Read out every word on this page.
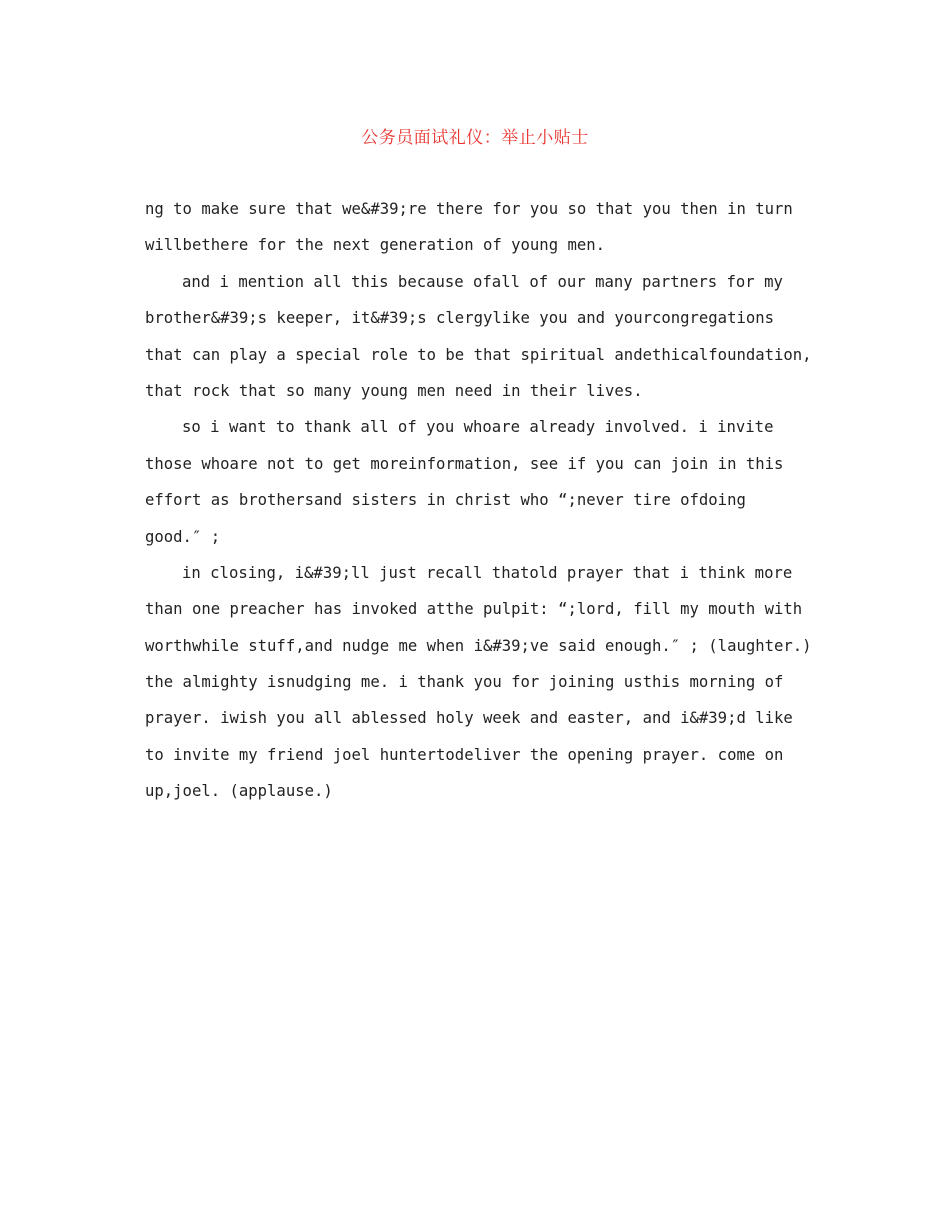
公务员面试礼仪：举止小贴士
ng to make sure that we&#39;re there for you so that you then in turn
willbethere for the next generation of young men.
and i mention all this because ofall of our many partners for my
brother&#39;s keeper, it&#39;s clergylike you and yourcongregations
that can play a special role to be that spiritual andethicalfoundation,
that rock that so many young men need in their lives.
so i want to thank all of you whoare already involved. i invite
those whoare not to get moreinformation, see if you can join in this
effort as brothersand sisters in christ who “;never tire ofdoing
good.″ ;
in closing, i&#39;ll just recall thatold prayer that i think more
than one preacher has invoked atthe pulpit: “;lord, fill my mouth with
worthwhile stuff,and nudge me when i&#39;ve said enough.″ ; (laughter.)
the almighty isnudging me. i thank you for joining usthis morning of
prayer. iwish you all ablessed holy week and easter, and i&#39;d like
to invite my friend joel huntertodeliver the opening prayer. come on
up,joel. (applause.)
